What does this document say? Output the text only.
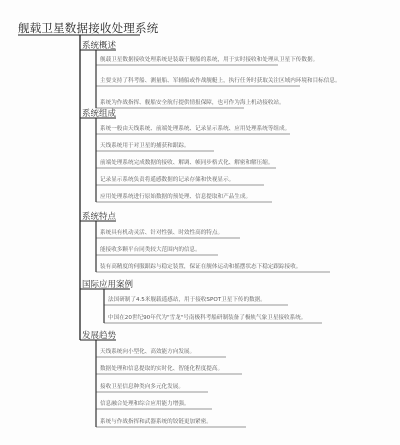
舰载卫星数据接收处理系统
系统概述
舰载卫星数据接收处理系统是装载于舰船的系统，用于实时接收和处理从卫星下传数据。
主要支持了科考船、测量船、军辅船或作战舰艇上，执行任务时获取关注区域内环境和目标信息。
系统为作战指挥、舰船安全航行提供情报保障，也可作为海上机动接收站。
系统组成
系统一般由天线系统、前端处理系统、记录显示系统、应用处理系统等组成。
天线系统用于对卫星的捕获和跟踪。
前端处理系统完成数据的接收、解调、帧同步格式化、解密和解压缩。
记录显示系统负责将遥感数据的记录存储和快视显示。
应用处理系统进行原始数据的预处理、信息提取和产品生成。
系统特点
系统具有机动灵活、针对性强、时效性高的特点。
能接收多颗平台同类较大范围内的信息。
装有高精度的伺服跟踪与稳定装置，保证在舰体运动和摇摆状态下稳定跟踪接收。
国际应用案例
法国研制了4.5米舰载遥感站，用于接收SPOT卫星下传的数据。
中国在20世纪90年代为"雪龙"号南极科考船研制装备了极轨气象卫星接收系统。
发展趋势
天线系统向小型化、高效能方向发展。
数据处理和信息提取的实时化、智能化程度提高。
接收卫星信息种类向多元化发展。
信息融合处理和综合应用能力增强。
系统与作战指挥和武器系统的铰链更加紧密。
